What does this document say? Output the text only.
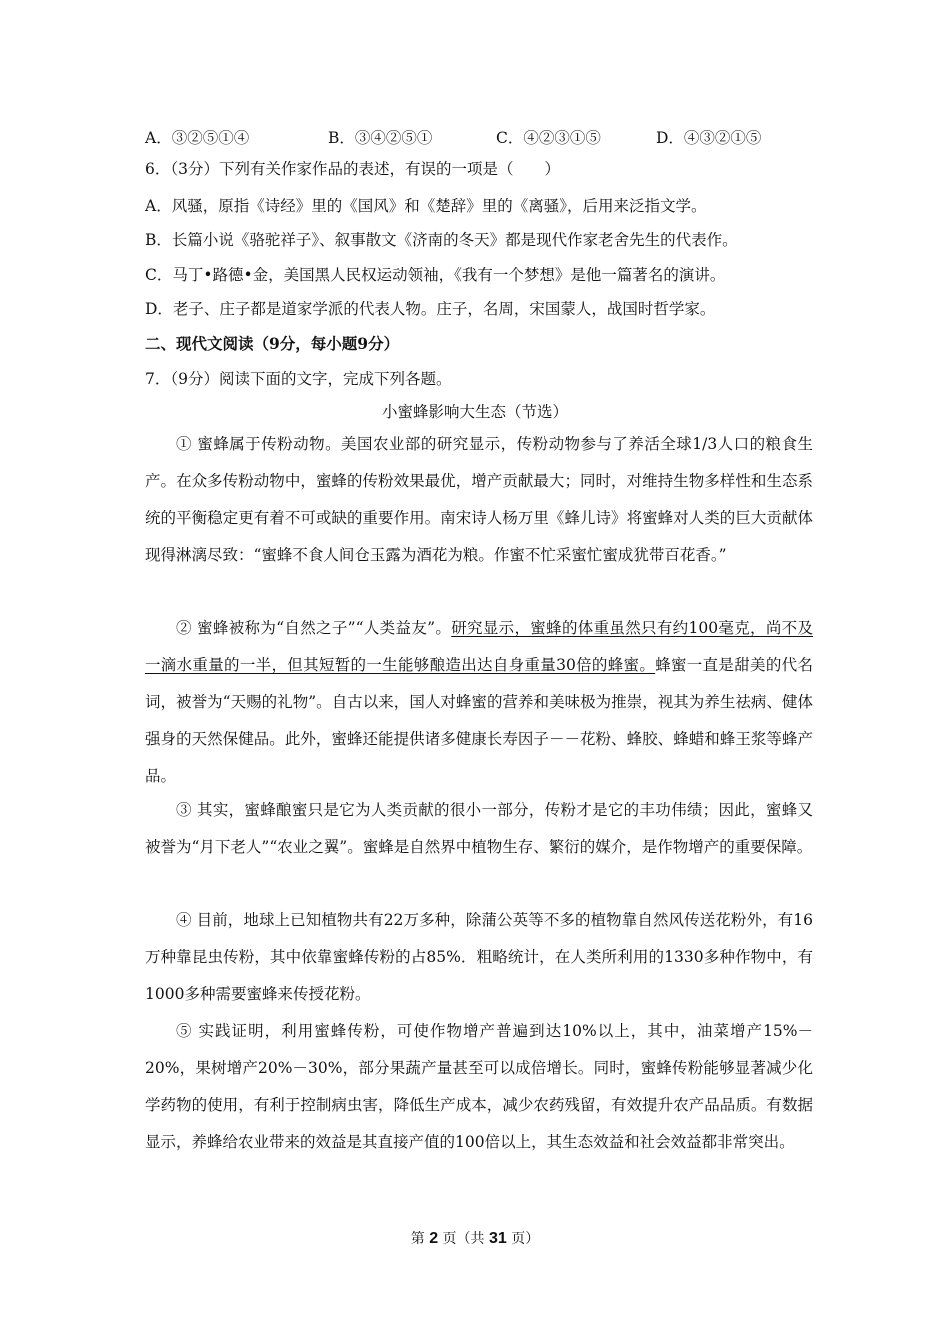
A．③②⑤①④	B．③④②⑤①	C．④②③①⑤	D．④③②①⑤
6．（3分）下列有关作家作品的表述，有误的一项是（　　）
A．风骚，原指《诗经》里的《国风》和《楚辞》里的《离骚》，后用来泛指文学。
B．长篇小说《骆驼祥子》、叙事散文《济南的冬天》都是现代作家老舍先生的代表作。
C．马丁•路德•金，美国黑人民权运动领袖，《我有一个梦想》是他一篇著名的演讲。
D．老子、庄子都是道家学派的代表人物。庄子，名周，宋国蒙人，战国时哲学家。
二、现代文阅读（9分，每小题9分）
7．（9分）阅读下面的文字，完成下列各题。
小蜜蜂影响大生态（节选）

① 蜜蜂属于传粉动物。美国农业部的研究显示，传粉动物参与了养活全球1/3人口的粮食生产。在众多传粉动物中，蜜蜂的传粉效果最优，增产贡献最大；同时，对维持生物多样性和生态系统的平衡稳定更有着不可或缺的重要作用。南宋诗人杨万里《蜂儿诗》将蜜蜂对人类的巨大贡献体现得淋漓尽致：“蜜蜂不食人间仓玉露为酒花为粮。作蜜不忙采蜜忙蜜成犹带百花香。”

② 蜜蜂被称为“自然之子”“人类益友”。研究显示，蜜蜂的体重虽然只有约100毫克，尚不及一滴水重量的一半，但其短暂的一生能够酿造出达自身重量30倍的蜂蜜。蜂蜜一直是甜美的代名词，被誉为“天赐的礼物”。自古以来，国人对蜂蜜的营养和美味极为推崇，视其为养生祛病、健体强身的天然保健品。此外，蜜蜂还能提供诸多健康长寿因子－－花粉、蜂胶、蜂蜡和蜂王浆等蜂产品。

③ 其实，蜜蜂酿蜜只是它为人类贡献的很小一部分，传粉才是它的丰功伟绩；因此，蜜蜂又被誉为“月下老人”“农业之翼”。蜜蜂是自然界中植物生存、繁衍的媒介，是作物增产的重要保障。

④ 目前，地球上已知植物共有22万多种，除蒲公英等不多的植物靠自然风传送花粉外，有16万种靠昆虫传粉，其中依靠蜜蜂传粉的占85%．粗略统计，在人类所利用的1330多种作物中，有1000多种需要蜜蜂来传授花粉。

⑤ 实践证明，利用蜜蜂传粉，可使作物增产普遍到达10%以上，其中，油菜增产15%－20%，果树增产20%－30%，部分果蔬产量甚至可以成倍增长。同时，蜜蜂传粉能够显著减少化学药物的使用，有利于控制病虫害，降低生产成本，减少农药残留，有效提升农产品品质。有数据显示，养蜂给农业带来的效益是其直接产值的100倍以上，其生态效益和社会效益都非常突出。

第 2 页（共 31 页）
